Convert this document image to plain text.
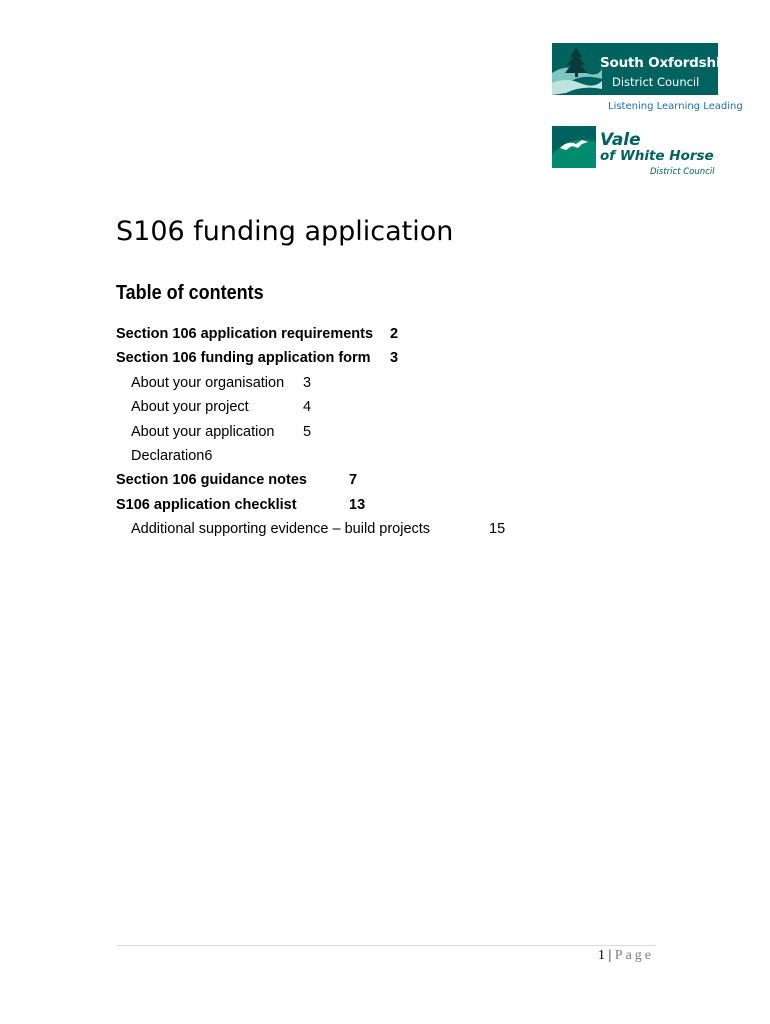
South Oxfordshire
District Council
Listening Learning Leading
Vale
of White Horse
District Council
S106 funding application
Table of contents
Section 106 application requirements 2
Section 106 funding application form 3
About your organisation 3
About your project	4
About your application 5
Declaration6
Section 106 guidance notes	7
S106 application checklist	13
Additional supporting evidence – build projects	15
1 | Page
